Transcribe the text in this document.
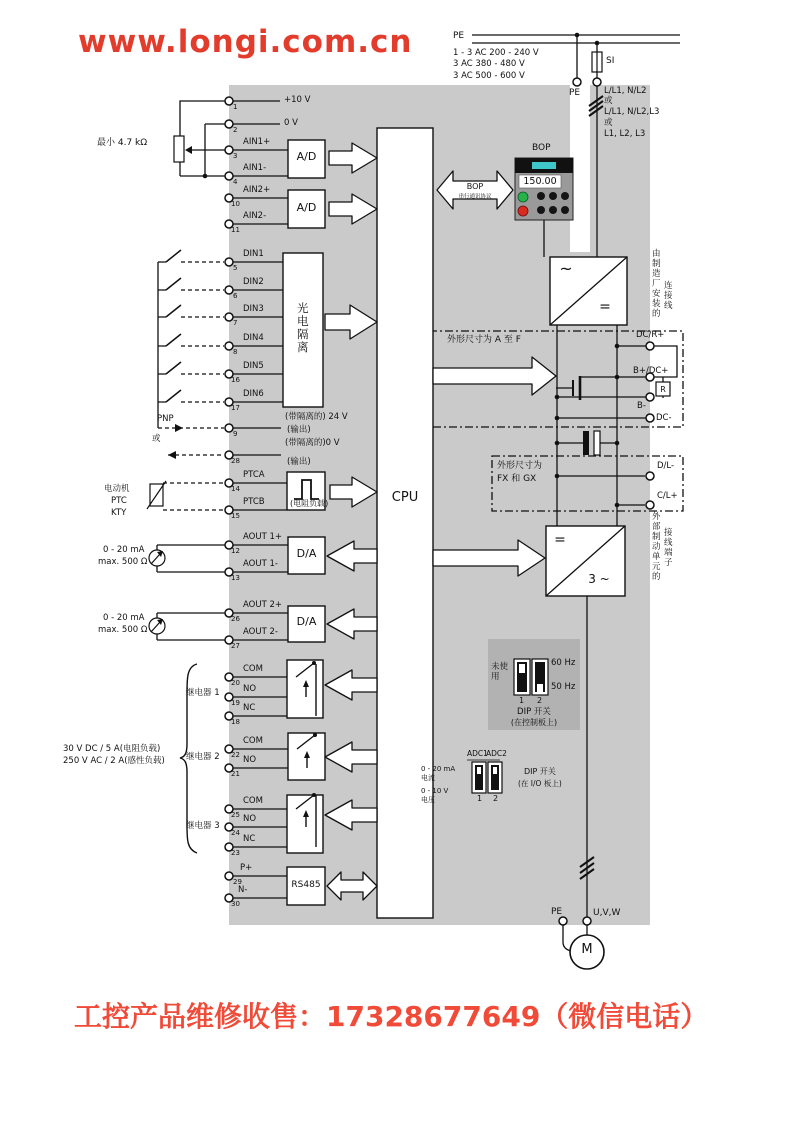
www.longi.com.cn
工控产品维修收售：17328677649（微信电话）
PE
1 - 3 AC 200 - 240 V
3 AC 380 - 480 V
3 AC 500 - 600 V
SI
PE	L/L1, N/L2
或
L/L1, N/L2,L3
或
L1, L2, L3
1
2
3
4
10
11
5
6
7
8
16
17
9
28
14
15
12
13
26
27
20
19
18
22
21
25
24
23
29
30
+10 V
0 V
AIN1+
AIN1-
AIN2+
AIN2-
DIN1
DIN2
DIN3
DIN4
DIN5
DIN6
(带隔离的) 24 V
(输出)
(带隔离的)0 V
(输出)
PTCA
PTCB
AOUT 1+
AOUT 1-
AOUT 2+
AOUT 2-
COM
NO
NC
COM
NO
COM
NO
NC
P+
N-
最小 4.7 kΩ
PNP
或
电动机
PTC
KTY
0 - 20 mA
max. 500 Ω
0 - 20 mA
max. 500 Ω
继电器 1
继电器 2
继电器 3
30 V DC / 5 A(电阻负载)
250 V AC / 2 A(感性负载)
A/D
A/D
光电隔离
(电阻负载)
D/A
D/A
RS485
CPU
~
=
=
3 ~
R
M
BOP
150.00
BOP
串行通讯协议
外形尺寸为 A 至 F
外形尺寸为
FX 和 GX
DC/R+
B+/DC+
B-
DC-
D/L-
C/L+
由制造厂安装的
连接线
外部制动单元的
接线端子
未使用
1 2
60 Hz
50 Hz
DIP 开关
(在控制板上)
ADC1
ADC2
0 - 20 mA
电流
0 - 10 V
电压	1 2
DIP 开关
(在 I/O 板上)
PE	U,V,W
